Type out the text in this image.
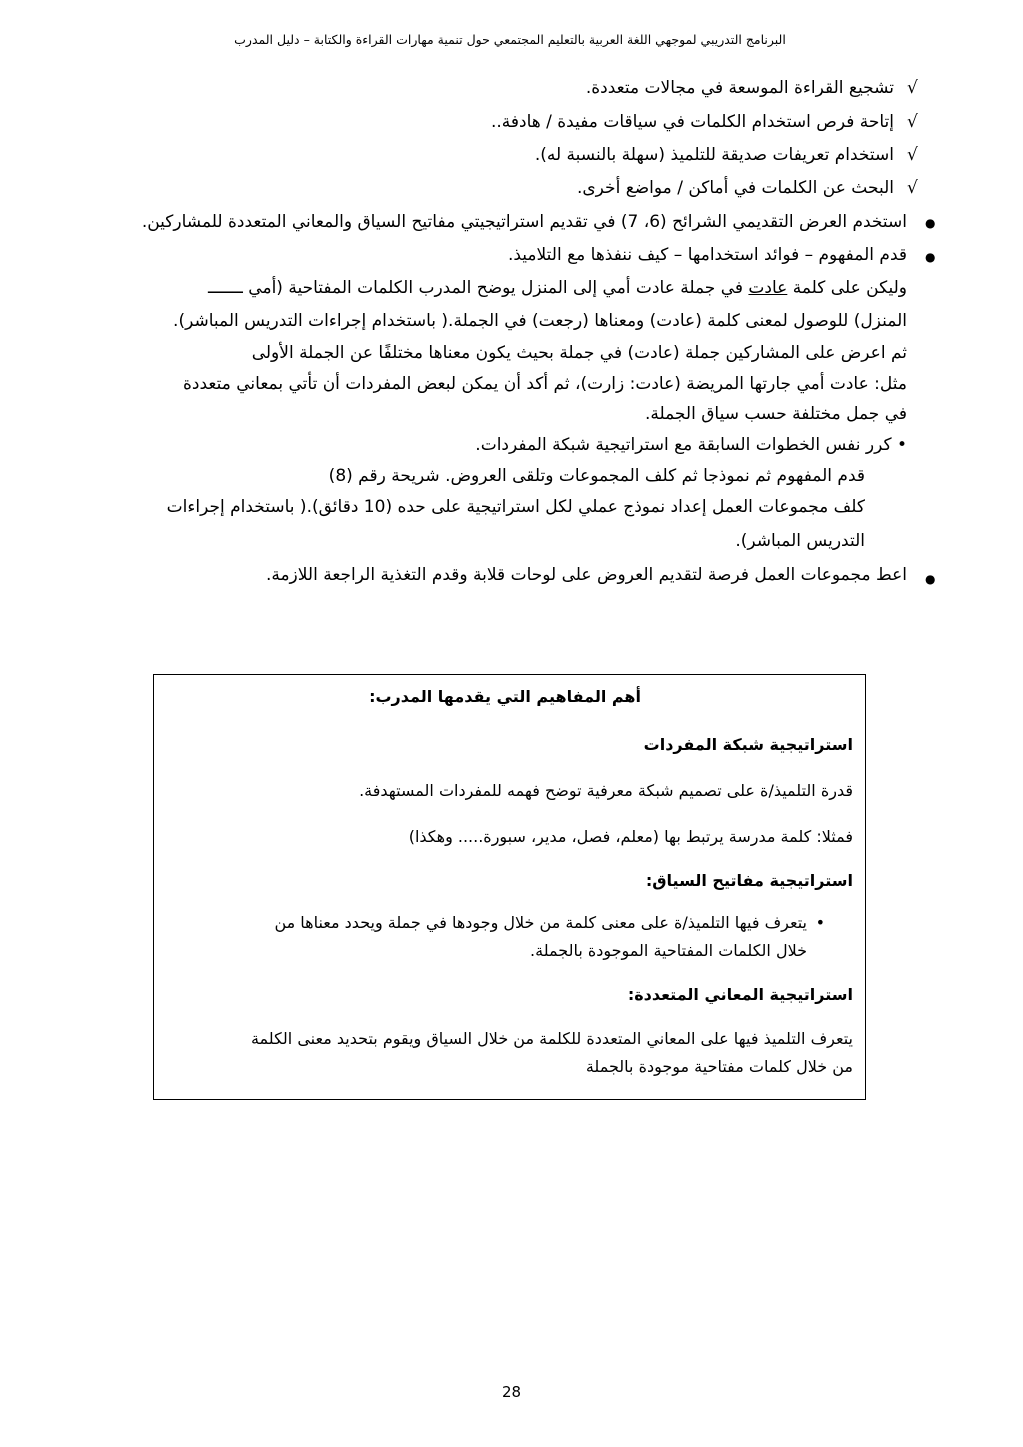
البرنامج التدريبي لموجهي اللغة العربية بالتعليم المجتمعي حول تنمية مهارات القراءة والكتابة – دليل المدرب
√
تشجيع القراءة الموسعة في مجالات متعددة.
√
إتاحة فرص استخدام الكلمات في سياقات مفيدة / هادفة..
√
استخدام تعريفات صديقة للتلميذ (سهلة بالنسبة له).
√
البحث عن الكلمات في أماكن / مواضع أخرى.
●
استخدم العرض التقديمي الشرائح (6، 7) في تقديم استراتيجيتي مفاتيح السياق والمعاني المتعددة للمشاركين.
●
قدم المفهوم – فوائد استخدامها – كيف ننفذها مع التلاميذ.
وليكن على كلمة عادت في جملة عادت أمي إلى المنزل يوضح المدرب الكلمات المفتاحية (أمي ـــــــ
المنزل) للوصول لمعنى كلمة (عادت) ومعناها (رجعت) في الجملة.( باستخدام إجراءات التدريس المباشر).
ثم اعرض على المشاركين جملة (عادت) في جملة بحيث يكون معناها مختلفًا عن الجملة الأولى
مثل: عادت أمي جارتها المريضة (عادت: زارت)، ثم أكد أن يمكن لبعض المفردات أن تأتي بمعاني متعددة
في جمل مختلفة حسب سياق الجملة.
• كرر نفس الخطوات السابقة مع استراتيجية شبكة المفردات.
قدم المفهوم ثم نموذجا ثم كلف المجموعات وتلقى العروض. شريحة رقم (8)
كلف مجموعات العمل إعداد نموذج عملي لكل استراتيجية على حده (10 دقائق).( باستخدام إجراءات
التدريس المباشر).
●
اعط مجموعات العمل فرصة لتقديم العروض على لوحات قلابة وقدم التغذية الراجعة اللازمة.
أهم المفاهيم التي يقدمها المدرب:
استراتيجية شبكة المفردات
قدرة التلميذ/ة على تصميم شبكة معرفية توضح فهمه للمفردات المستهدفة.
فمثلا: كلمة مدرسة يرتبط بها (معلم، فصل، مدير، سبورة..... وهكذا)
استراتيجية مفاتيح السياق:
•
يتعرف فيها التلميذ/ة على معنى كلمة من خلال وجودها في جملة ويحدد معناها من
خلال الكلمات المفتاحية الموجودة بالجملة.
استراتيجية المعاني المتعددة:
يتعرف التلميذ فيها على المعاني المتعددة للكلمة من خلال السياق ويقوم بتحديد معنى الكلمة
من خلال كلمات مفتاحية موجودة بالجملة
28
